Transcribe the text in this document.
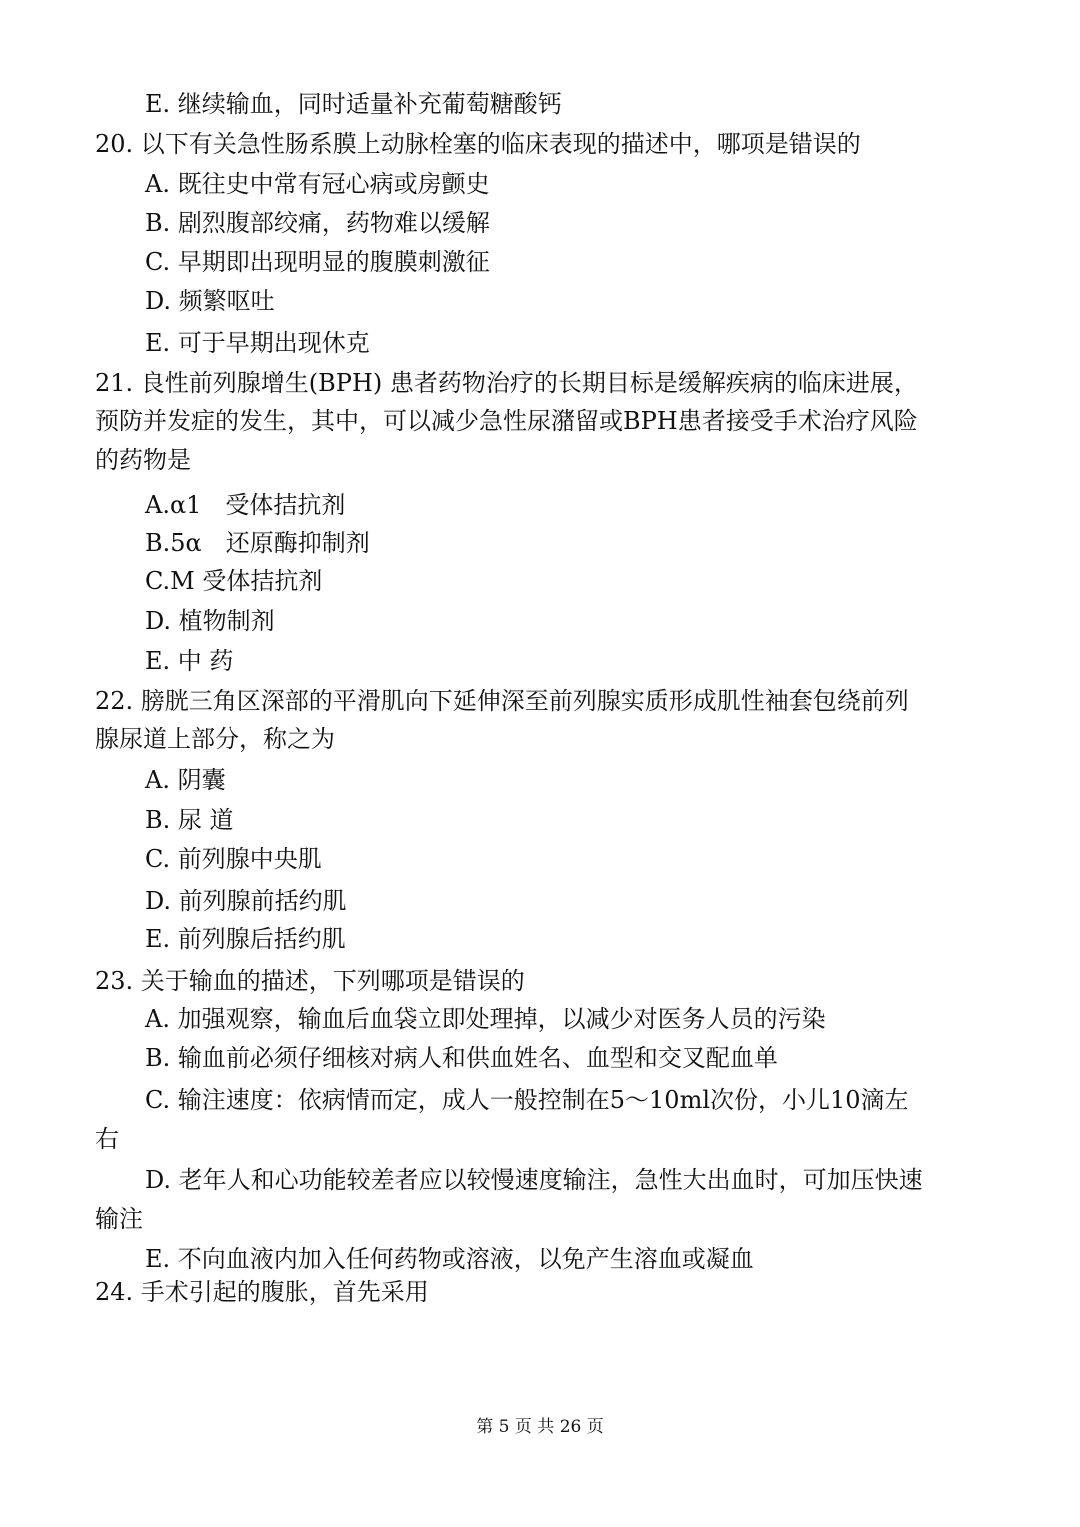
E. 继续输血，同时适量补充葡萄糖酸钙
20. 以下有关急性肠系膜上动脉栓塞的临床表现的描述中，哪项是错误的
A. 既往史中常有冠心病或房颤史
B. 剧烈腹部绞痛，药物难以缓解
C. 早期即出现明显的腹膜刺激征
D. 频繁呕吐
E. 可于早期出现休克
21. 良性前列腺增生(BPH) 患者药物治疗的长期目标是缓解疾病的临床进展，
预防并发症的发生，其中，可以减少急性尿潴留或BPH患者接受手术治疗风险
的药物是
A.α1　受体拮抗剂
B.5α　还原酶抑制剂
C.M 受体拮抗剂
D. 植物制剂
E. 中 药
22. 膀胱三角区深部的平滑肌向下延伸深至前列腺实质形成肌性袖套包绕前列
腺尿道上部分，称之为
A. 阴囊
B. 尿 道
C. 前列腺中央肌
D. 前列腺前括约肌
E. 前列腺后括约肌
23. 关于输血的描述，下列哪项是错误的
A. 加强观察，输血后血袋立即处理掉，以减少对医务人员的污染
B. 输血前必须仔细核对病人和供血姓名、血型和交叉配血单
C. 输注速度：依病情而定，成人一般控制在5～10ml次份，小儿10滴左
右
D. 老年人和心功能较差者应以较慢速度输注，急性大出血时，可加压快速
输注
E. 不向血液内加入任何药物或溶液，以免产生溶血或凝血
24. 手术引起的腹胀，首先采用
第 5 页 共 26 页
